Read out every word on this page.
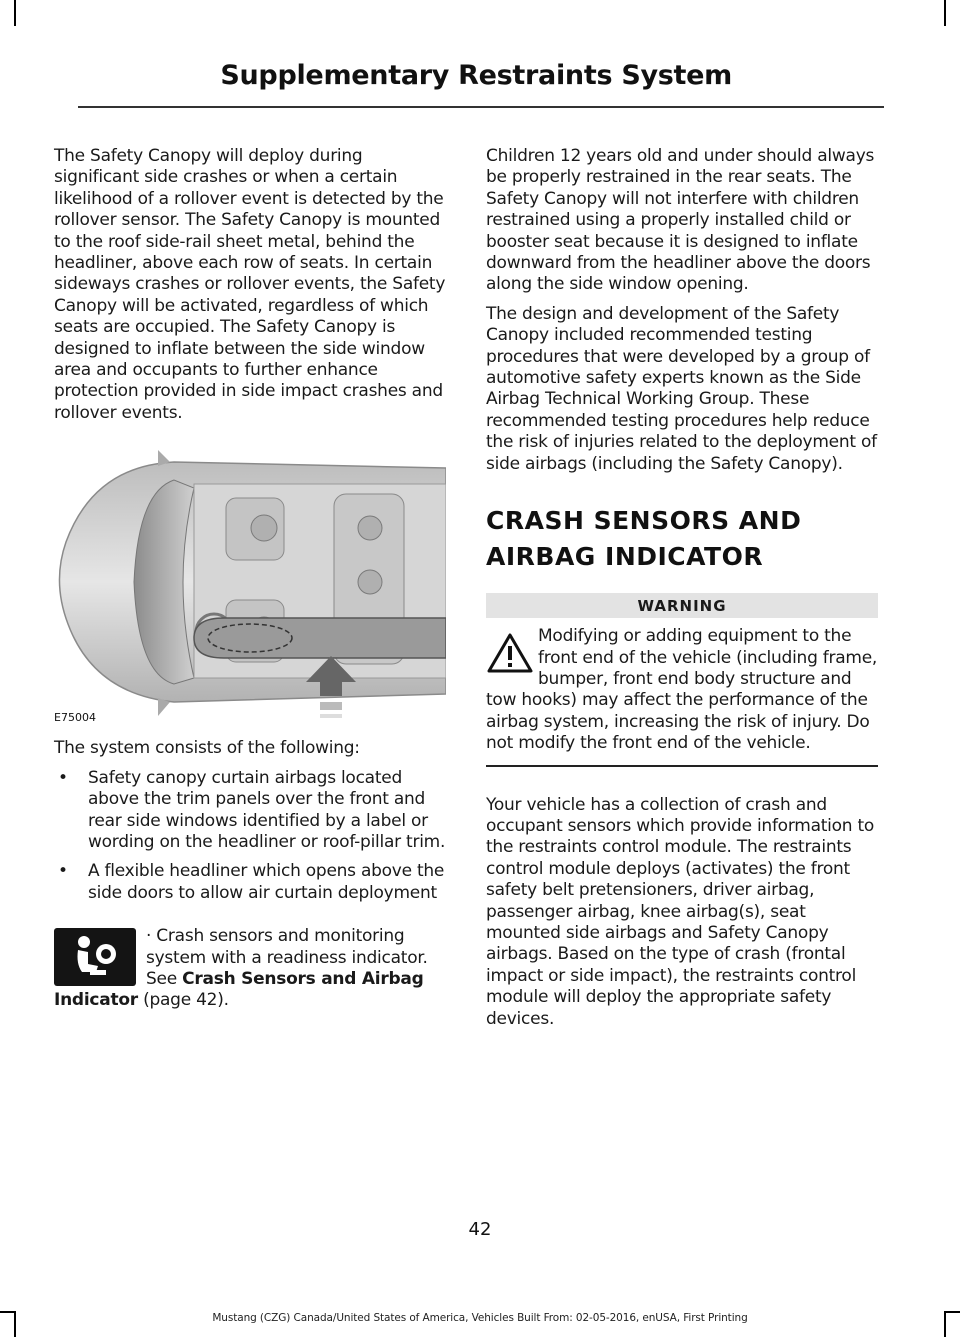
Supplementary Restraints System

The Safety Canopy will deploy during significant side crashes or when a certain likelihood of a rollover event is detected by the rollover sensor. The Safety Canopy is mounted to the roof side-rail sheet metal, behind the headliner, above each row of seats. In certain sideways crashes or rollover events, the Safety Canopy will be activated, regardless of which seats are occupied. The Safety Canopy is designed to inflate between the side window area and occupants to further enhance protection provided in side impact crashes and rollover events.

E75004

The system consists of the following:

• Safety canopy curtain airbags located above the trim panels over the front and rear side windows identified by a label or wording on the headliner or roof-pillar trim.
• A flexible headliner which opens above the side doors to allow air curtain deployment
· Crash sensors and monitoring system with a readiness indicator. See Crash Sensors and Airbag Indicator (page 42).

Children 12 years old and under should always be properly restrained in the rear seats. The Safety Canopy will not interfere with children restrained using a properly installed child or booster seat because it is designed to inflate downward from the headliner above the doors along the side window opening.

The design and development of the Safety Canopy included recommended testing procedures that were developed by a group of automotive safety experts known as the Side Airbag Technical Working Group. These recommended testing procedures help reduce the risk of injuries related to the deployment of side airbags (including the Safety Canopy).

CRASH SENSORS AND
AIRBAG INDICATOR
WARNING
Modifying or adding equipment to the front end of the vehicle (including frame, bumper, front end body structure and tow hooks) may affect the performance of the airbag system, increasing the risk of injury. Do not modify the front end of the vehicle.

Your vehicle has a collection of crash and occupant sensors which provide information to the restraints control module. The restraints control module deploys (activates) the front safety belt pretensioners, driver airbag, passenger airbag, knee airbag(s), seat mounted side airbags and Safety Canopy airbags. Based on the type of crash (frontal impact or side impact), the restraints control module will deploy the appropriate safety devices.

42
Mustang (CZG) Canada/United States of America, Vehicles Built From: 02-05-2016, enUSA, First Printing
